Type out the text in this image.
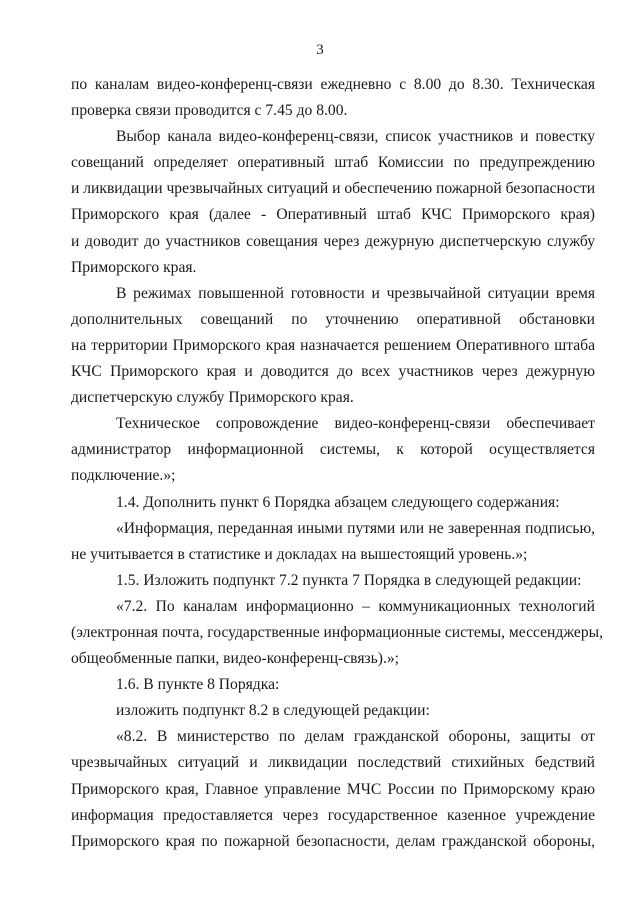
3
по каналам видео-конференц-связи ежедневно с 8.00 до 8.30. Техническая
проверка связи проводится с 7.45 до 8.00.
Выбор канала видео-конференц-связи, список участников и повестку
совещаний определяет оперативный штаб Комиссии по предупреждению
и ликвидации чрезвычайных ситуаций и обеспечению пожарной безопасности
Приморского края (далее - Оперативный штаб КЧС Приморского края)
и доводит до участников совещания через дежурную диспетчерскую службу
Приморского края.
В режимах повышенной готовности и чрезвычайной ситуации время
дополнительных совещаний по уточнению оперативной обстановки
на территории Приморского края назначается решением Оперативного штаба
КЧС Приморского края и доводится до всех участников через дежурную
диспетчерскую службу Приморского края.
Техническое сопровождение видео-конференц-связи обеспечивает
администратор информационной системы, к которой осуществляется
подключение.»;
1.4. Дополнить пункт 6 Порядка абзацем следующего содержания:
«Информация, переданная иными путями или не заверенная подписью,
не учитывается в статистике и докладах на вышестоящий уровень.»;
1.5. Изложить подпункт 7.2 пункта 7 Порядка в следующей редакции:
«7.2. По каналам информационно – коммуникационных технологий
(электронная почта, государственные информационные системы, мессенджеры,
общеобменные папки, видео-конференц-связь).»;
1.6. В пункте 8 Порядка:
изложить подпункт 8.2 в следующей редакции:
«8.2. В министерство по делам гражданской обороны, защиты от
чрезвычайных ситуаций и ликвидации последствий стихийных бедствий
Приморского края, Главное управление МЧС России по Приморскому краю
информация предоставляется через государственное казенное учреждение
Приморского края по пожарной безопасности, делам гражданской обороны,
